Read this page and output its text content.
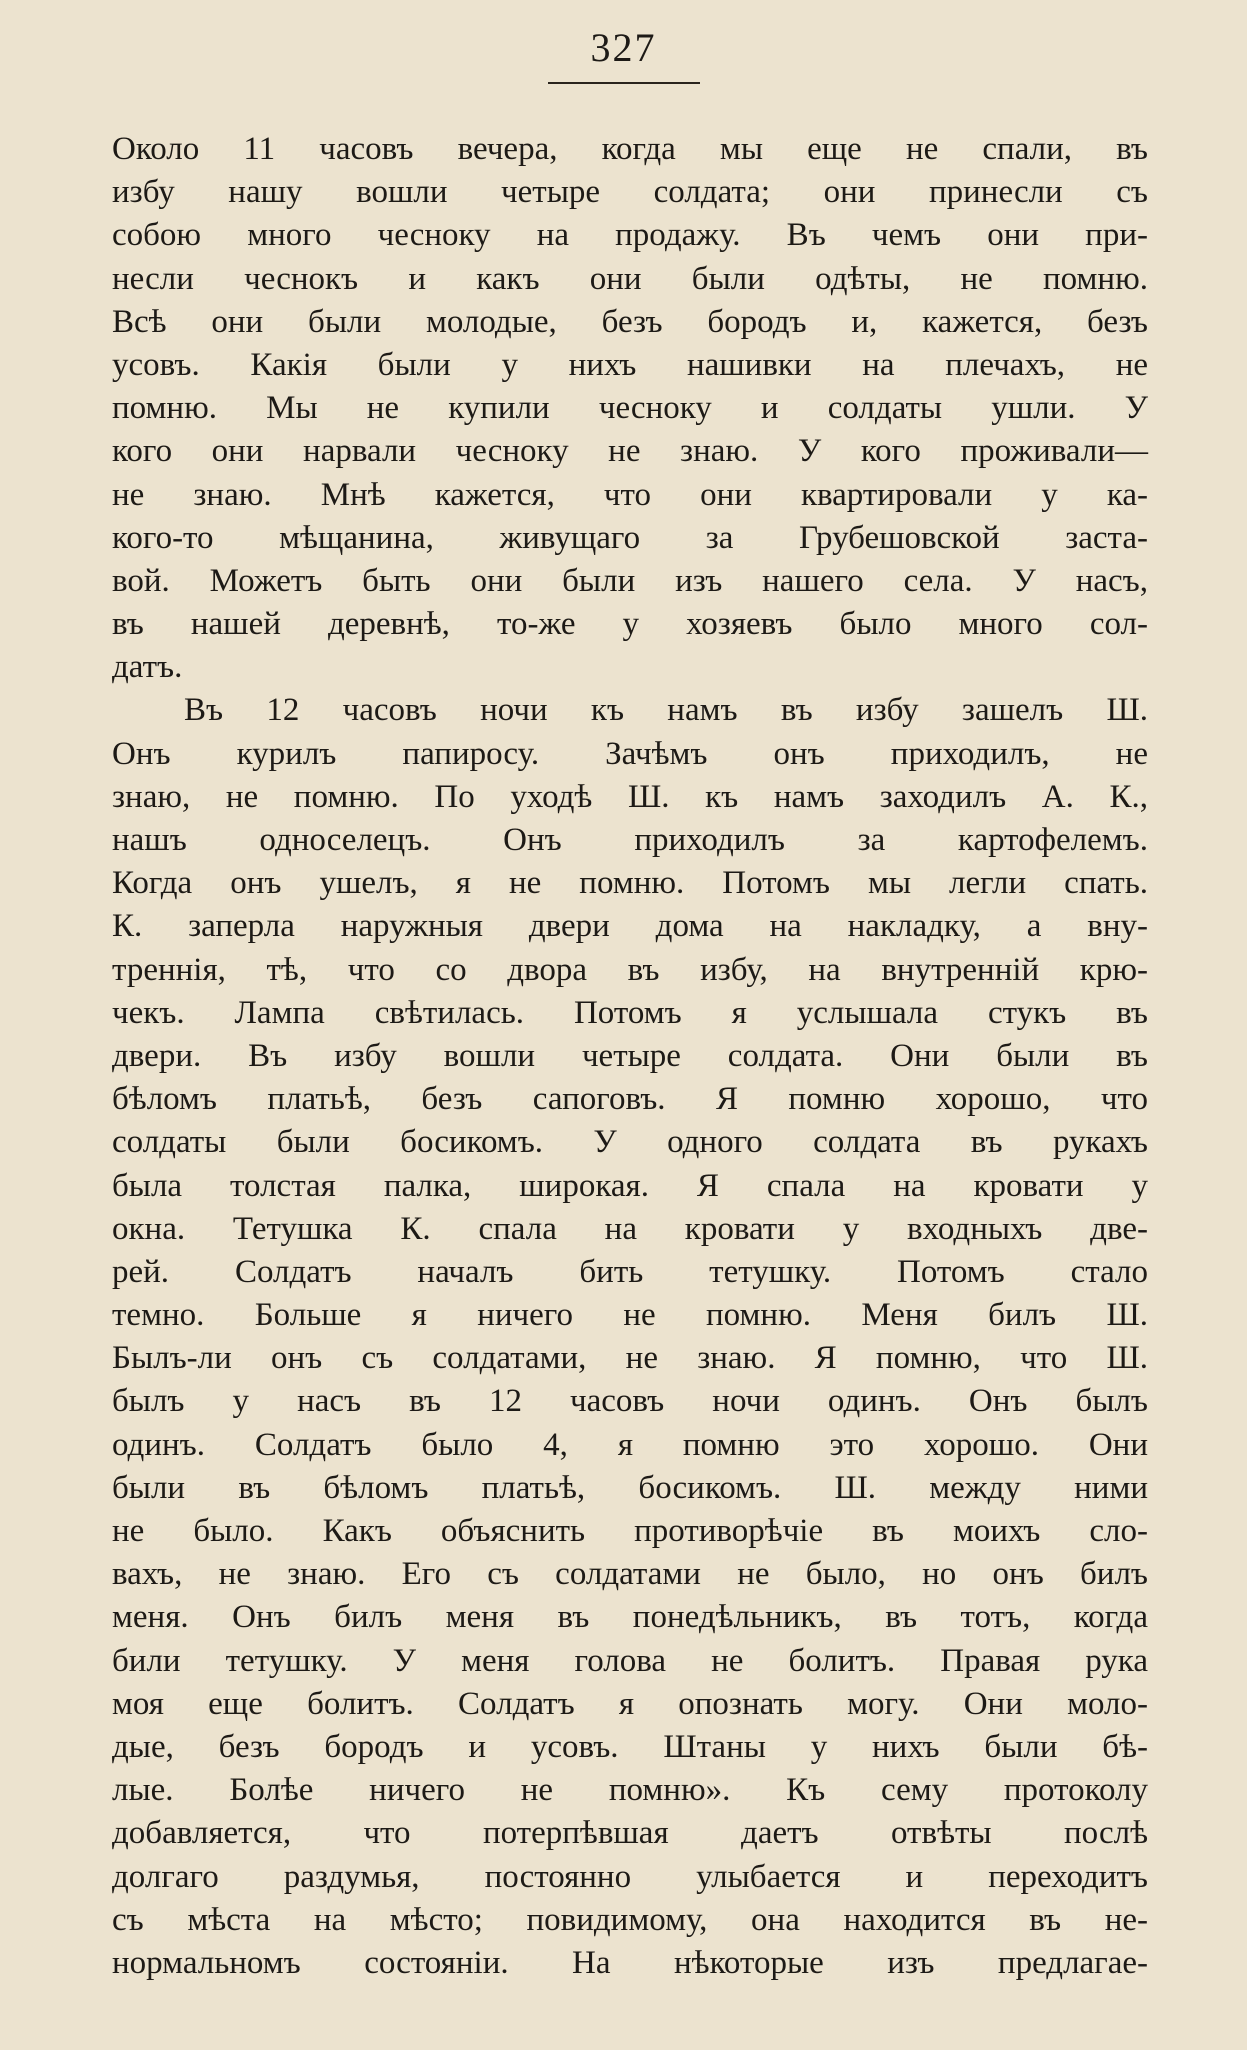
327
Около 11 часовъ вечера, когда мы еще не спали, въ
избу нашу вошли четыре солдата; они принесли съ
собою много чесноку на продажу. Въ чемъ они при-
несли чеснокъ и какъ они были одѣты, не помню.
Всѣ они были молодые, безъ бородъ и, кажется, безъ
усовъ. Какія были у нихъ нашивки на плечахъ, не
помню. Мы не купили чесноку и солдаты ушли. У
кого они нарвали чесноку не знаю. У кого проживали—
не знаю. Мнѣ кажется, что они квартировали у ка-
кого-то мѣщанина, живущаго за Грубешовской заста-
вой. Можетъ быть они были изъ нашего села. У насъ,
въ нашей деревнѣ, то-же у хозяевъ было много сол-
датъ.
Въ 12 часовъ ночи къ намъ въ избу зашелъ Ш.
Онъ курилъ папиросу. Зачѣмъ онъ приходилъ, не
знаю, не помню. По уходѣ Ш. къ намъ заходилъ А. К.,
нашъ односелецъ. Онъ приходилъ за картофелемъ.
Когда онъ ушелъ, я не помню. Потомъ мы легли спать.
К. заперла наружныя двери дома на накладку, а вну-
треннія, тѣ, что со двора въ избу, на внутренній крю-
чекъ. Лампа свѣтилась. Потомъ я услышала стукъ въ
двери. Въ избу вошли четыре солдата. Они были въ
бѣломъ платьѣ, безъ сапоговъ. Я помню хорошо, что
солдаты были босикомъ. У одного солдата въ рукахъ
была толстая палка, широкая. Я спала на кровати у
окна. Тетушка К. спала на кровати у входныхъ две-
рей. Солдатъ началъ бить тетушку. Потомъ стало
темно. Больше я ничего не помню. Меня билъ Ш.
Былъ-ли онъ съ солдатами, не знаю. Я помню, что Ш.
былъ у насъ въ 12 часовъ ночи одинъ. Онъ былъ
одинъ. Солдатъ было 4, я помню это хорошо. Они
были въ бѣломъ платьѣ, босикомъ. Ш. между ними
не было. Какъ объяснить противорѣчіе въ моихъ сло-
вахъ, не знаю. Его съ солдатами не было, но онъ билъ
меня. Онъ билъ меня въ понедѣльникъ, въ тотъ, когда
били тетушку. У меня голова не болитъ. Правая рука
моя еще болитъ. Солдатъ я опознать могу. Они моло-
дые, безъ бородъ и усовъ. Штаны у нихъ были бѣ-
лые. Болѣе ничего не помню». Къ сему протоколу
добавляется, что потерпѣвшая даетъ отвѣты послѣ
долгаго раздумья, постоянно улыбается и переходитъ
съ мѣста на мѣсто; повидимому, она находится въ не-
нормальномъ состояніи. На нѣкоторые изъ предлагае-
